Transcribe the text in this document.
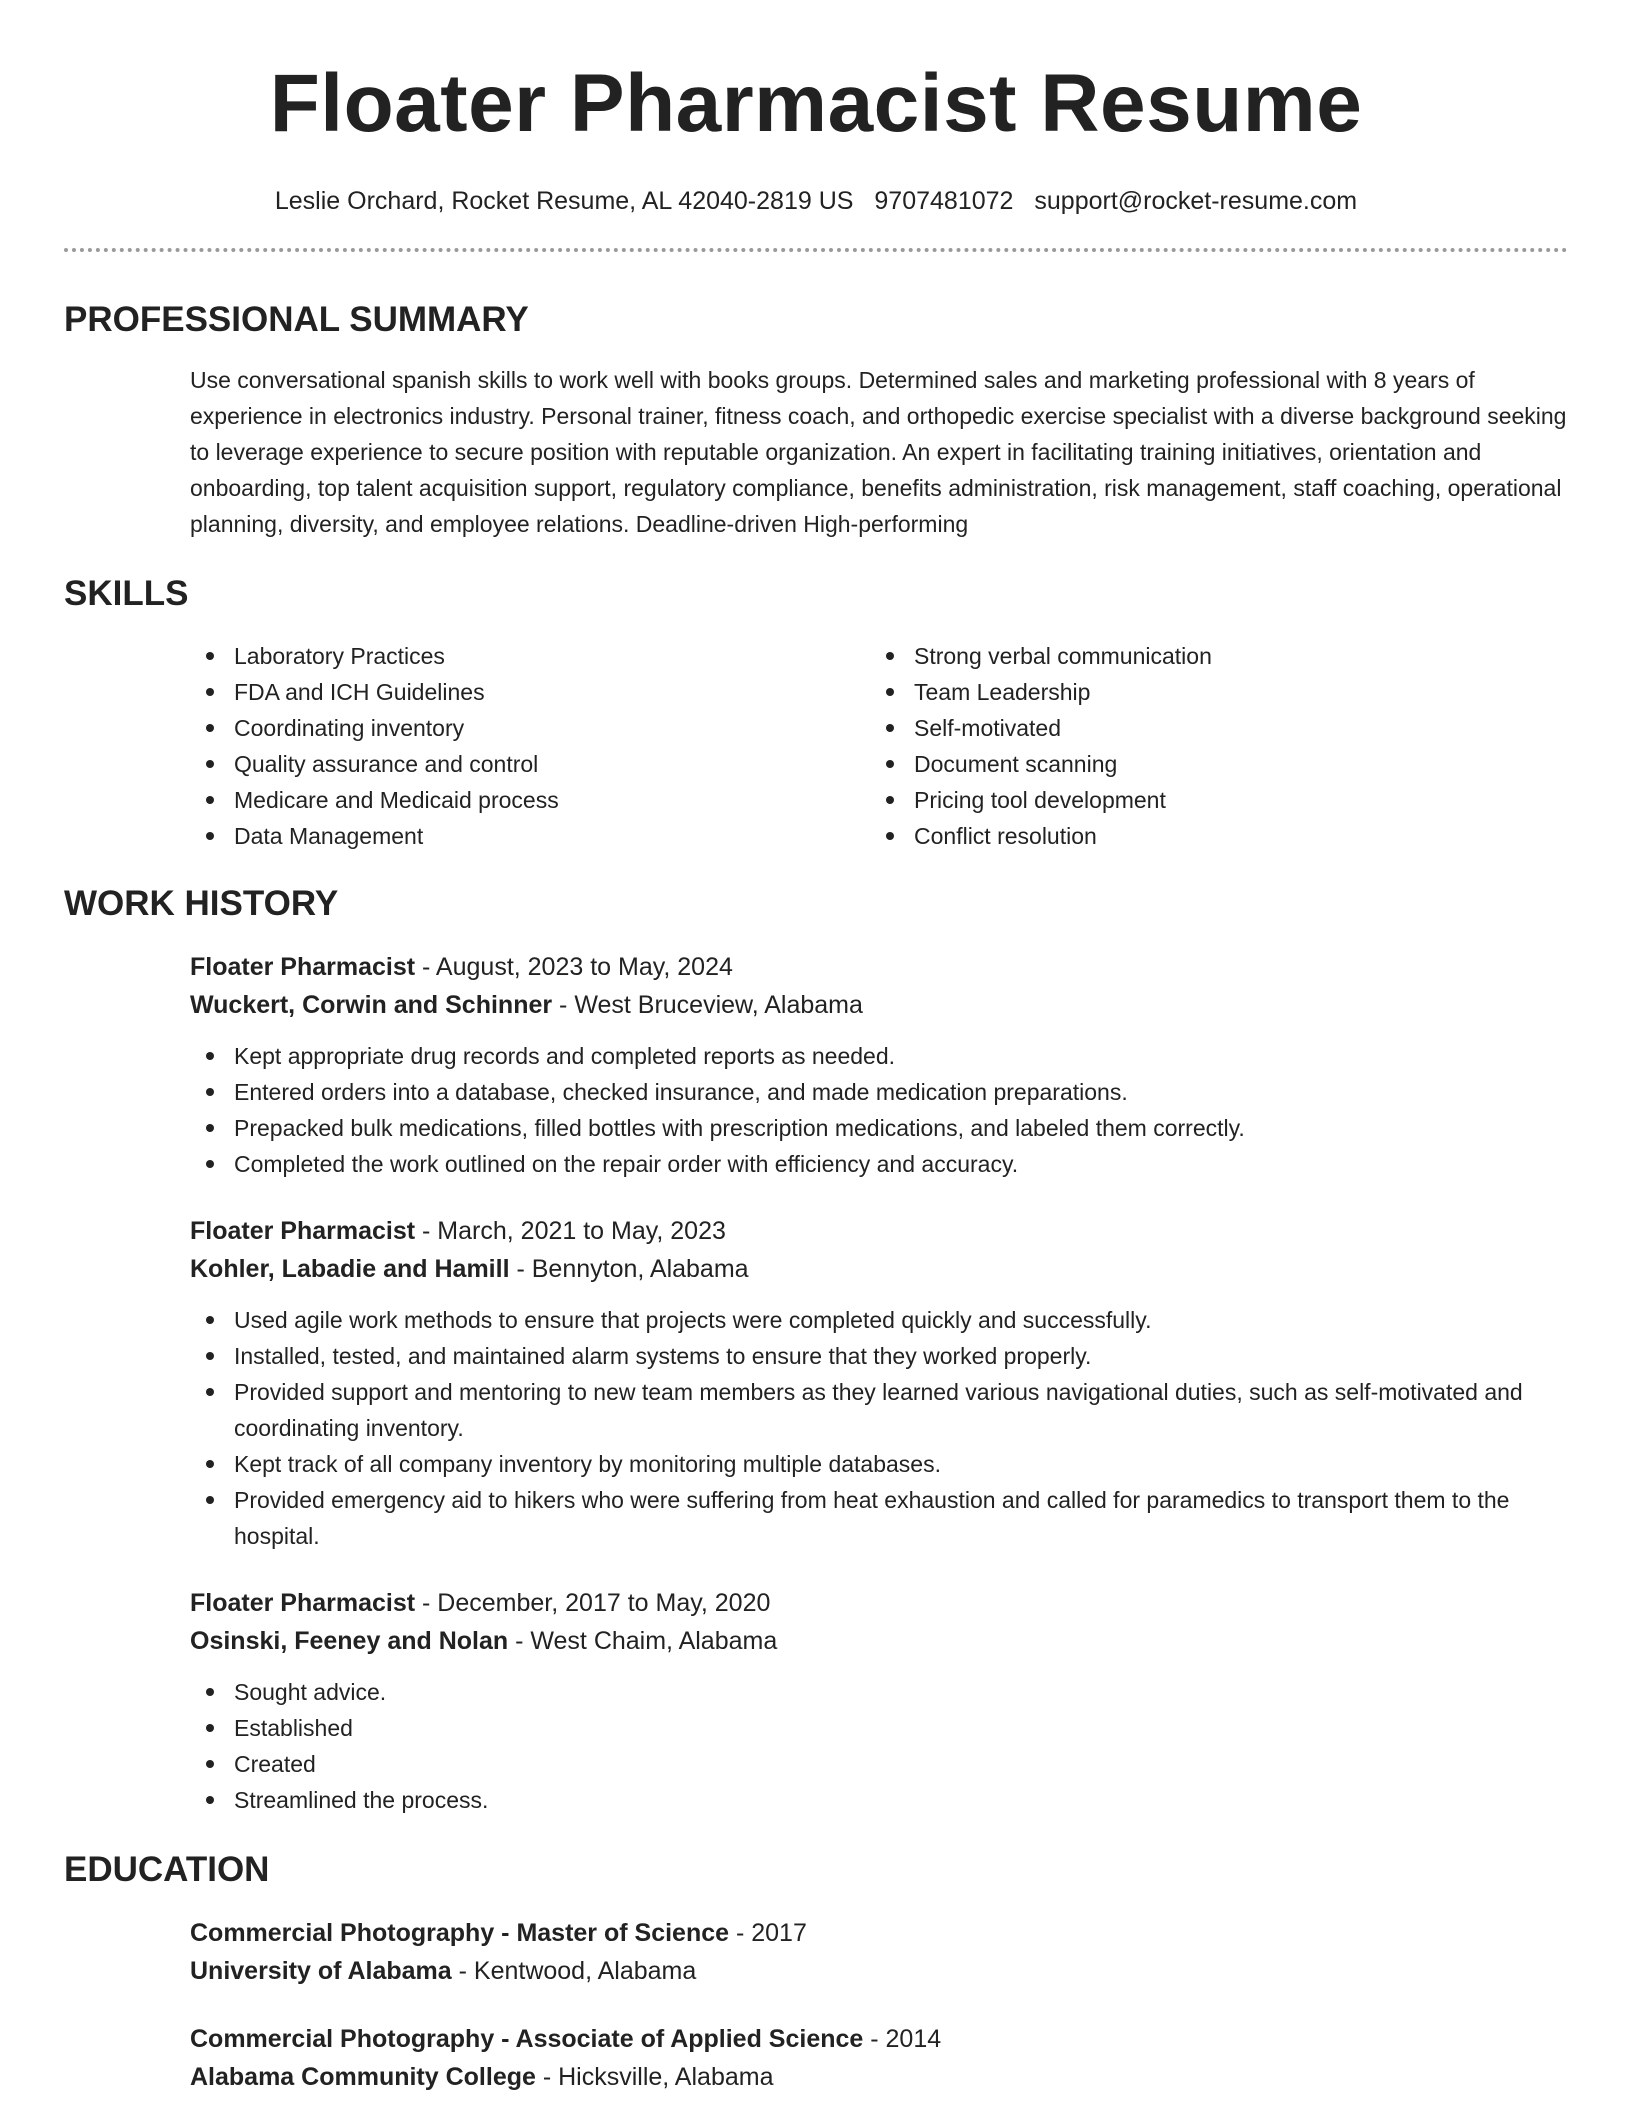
Floater Pharmacist Resume
Leslie Orchard, Rocket Resume, AL 42040-2819 US 9707481072 support@rocket-resume.com
PROFESSIONAL SUMMARY

Use conversational spanish skills to work well with books groups. Determined sales and marketing professional with 8 years of experience in electronics industry. Personal trainer, fitness coach, and orthopedic exercise specialist with a diverse background seeking to leverage experience to secure position with reputable organization. An expert in facilitating training initiatives, orientation and onboarding, top talent acquisition support, regulatory compliance, benefits administration, risk management, staff coaching, operational planning, diversity, and employee relations. Deadline-driven High-performing

SKILLS
Laboratory Practices
FDA and ICH Guidelines
Coordinating inventory
Quality assurance and control
Medicare and Medicaid process
Data Management
Strong verbal communication
Team Leadership
Self-motivated
Document scanning
Pricing tool development
Conflict resolution
WORK HISTORY
Floater Pharmacist - August, 2023 to May, 2024
Wuckert, Corwin and Schinner - West Bruceview, Alabama
Kept appropriate drug records and completed reports as needed.
Entered orders into a database, checked insurance, and made medication preparations.
Prepacked bulk medications, filled bottles with prescription medications, and labeled them correctly.
Completed the work outlined on the repair order with efficiency and accuracy.
Floater Pharmacist - March, 2021 to May, 2023
Kohler, Labadie and Hamill - Bennyton, Alabama
Used agile work methods to ensure that projects were completed quickly and successfully.
Installed, tested, and maintained alarm systems to ensure that they worked properly.
Provided support and mentoring to new team members as they learned various navigational duties, such as self-motivated and coordinating inventory.
Kept track of all company inventory by monitoring multiple databases.
Provided emergency aid to hikers who were suffering from heat exhaustion and called for paramedics to transport them to the hospital.
Floater Pharmacist - December, 2017 to May, 2020
Osinski, Feeney and Nolan - West Chaim, Alabama
Sought advice.
Established
Created
Streamlined the process.
EDUCATION
Commercial Photography - Master of Science - 2017
University of Alabama - Kentwood, Alabama
Commercial Photography - Associate of Applied Science - 2014
Alabama Community College - Hicksville, Alabama
